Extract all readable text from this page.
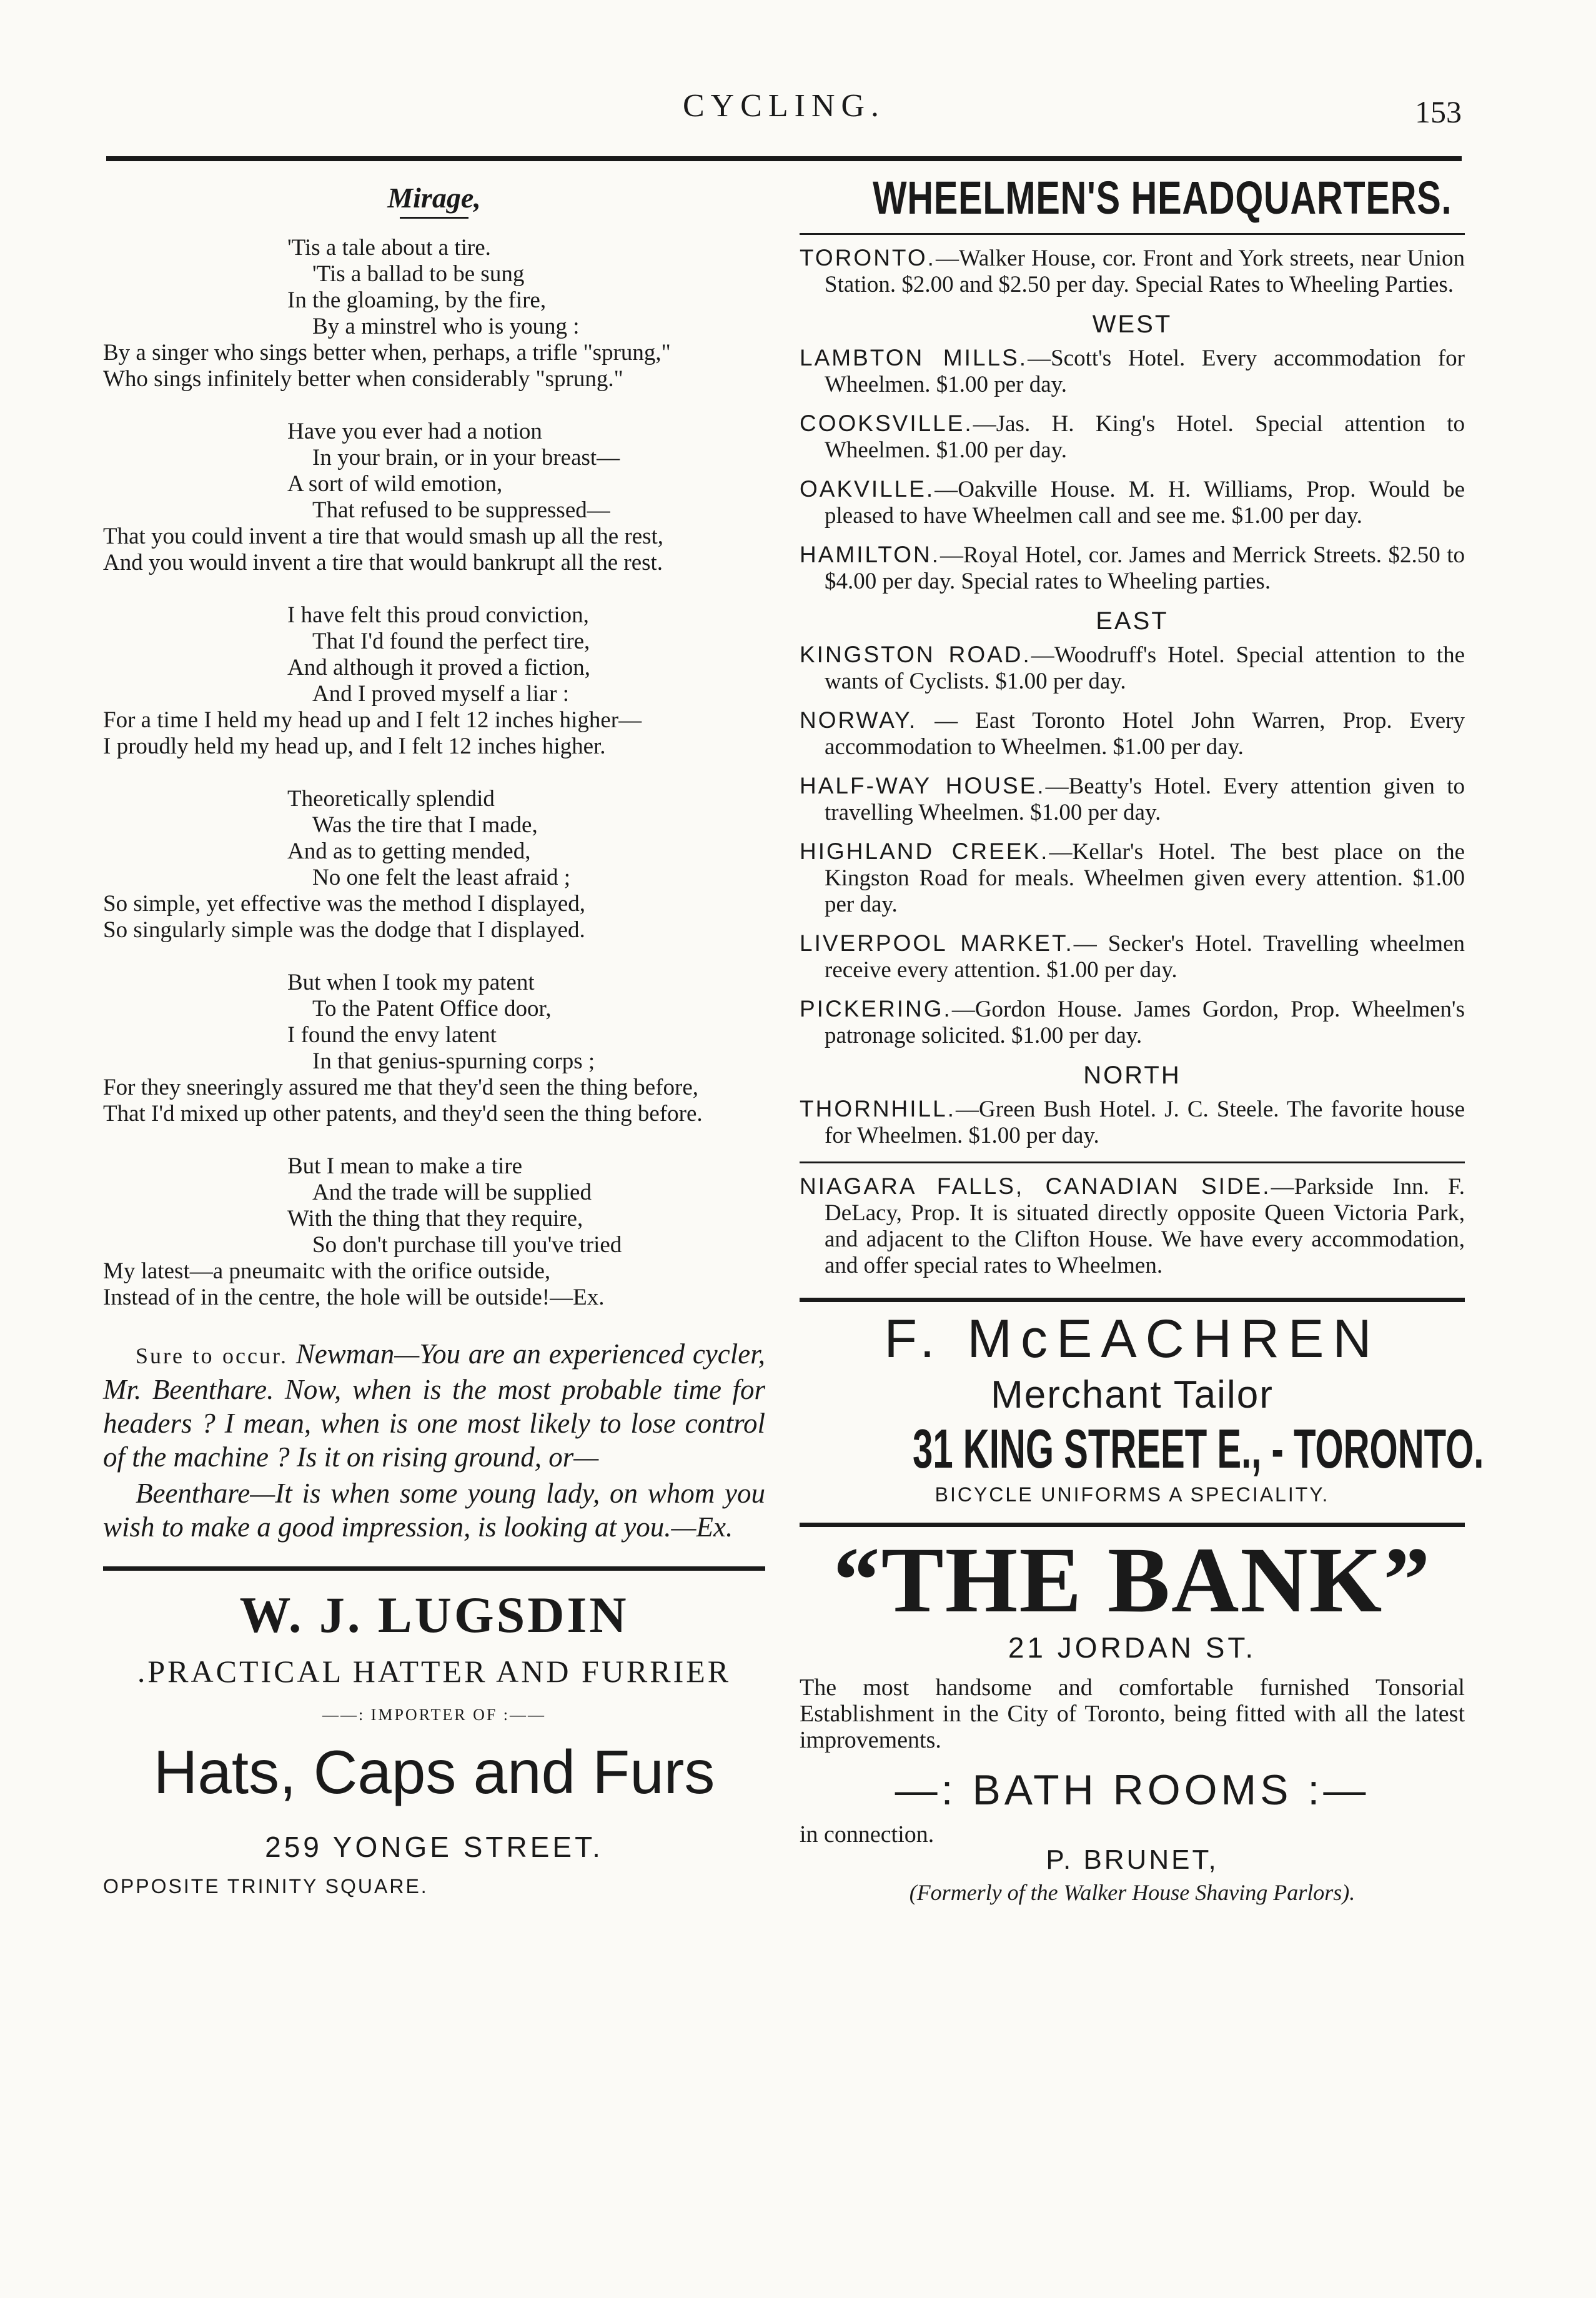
CYCLING.	153
Mirage,
'Tis a tale about a tire.
'Tis a ballad to be sung
In the gloaming, by the fire,
By a minstrel who is young :
By a singer who sings better when, perhaps, a trifle "sprung,"
Who sings infinitely better when considerably "sprung."
Have you ever had a notion
In your brain, or in your breast—
A sort of wild emotion,
That refused to be suppressed—
That you could invent a tire that would smash up all the rest,
And you would invent a tire that would bankrupt all the rest.
I have felt this proud conviction,
That I'd found the perfect tire,
And although it proved a fiction,
And I proved myself a liar :
For a time I held my head up and I felt 12 inches higher—
I proudly held my head up, and I felt 12 inches higher.
Theoretically splendid
Was the tire that I made,
And as to getting mended,
No one felt the least afraid ;
So simple, yet effective was the method I displayed,
So singularly simple was the dodge that I displayed.
But when I took my patent
To the Patent Office door,
I found the envy latent
In that genius-spurning corps ;
For they sneeringly assured me that they'd seen the thing before,
That I'd mixed up other patents, and they'd seen the thing before.
But I mean to make a tire
And the trade will be supplied
With the thing that they require,
So don't purchase till you've tried
My latest—a pneumaitc with the orifice outside,
Instead of in the centre, the hole will be outside!—Ex.
Sure to occur. Newman—You are an experienced cycler, Mr. Beenthare. Now, when is the most probable time for headers ? I mean, when is one most likely to lose control of the machine ? Is it on rising ground, or—
Beenthare—It is when some young lady, on whom you wish to make a good impression, is looking at you.—Ex.
W. J. LUGSDIN
.PRACTICAL HATTER AND FURRIER
——: IMPORTER OF :——
Hats, Caps and Furs
259 YONGE STREET.
OPPOSITE TRINITY SQUARE.
WHEELMEN'S HEADQUARTERS.
TORONTO.—Walker House, cor. Front and York streets, near Union Station. $2.00 and $2.50 per day. Special Rates to Wheeling Parties.
WEST
LAMBTON MILLS.—Scott's Hotel. Every accommodation for Wheelmen. $1.00 per day.
COOKSVILLE.—Jas. H. King's Hotel. Special attention to Wheelmen. $1.00 per day.
OAKVILLE.—Oakville House. M. H. Williams, Prop. Would be pleased to have Wheelmen call and see me. $1.00 per day.
HAMILTON.—Royal Hotel, cor. James and Merrick Streets. $2.50 to $4.00 per day. Special rates to Wheeling parties.
EAST
KINGSTON ROAD.—Woodruff's Hotel. Special attention to the wants of Cyclists. $1.00 per day.
NORWAY. — East Toronto Hotel John Warren, Prop. Every accommodation to Wheelmen. $1.00 per day.
HALF-WAY HOUSE.—Beatty's Hotel. Every attention given to travelling Wheelmen. $1.00 per day.
HIGHLAND CREEK.—Kellar's Hotel. The best place on the Kingston Road for meals. Wheelmen given every attention. $1.00 per day.
LIVERPOOL MARKET.— Secker's Hotel. Travelling wheelmen receive every attention. $1.00 per day.
PICKERING.—Gordon House. James Gordon, Prop. Wheelmen's patronage solicited. $1.00 per day.
NORTH
THORNHILL.—Green Bush Hotel. J. C. Steele. The favorite house for Wheelmen. $1.00 per day.
NIAGARA FALLS, CANADIAN SIDE.—Parkside Inn. F. DeLacy, Prop. It is situated directly opposite Queen Victoria Park, and adjacent to the Clifton House. We have every accommodation, and offer special rates to Wheelmen.
F. McEACHREN
Merchant Tailor
31 KING STREET E., - TORONTO.
BICYCLE UNIFORMS A SPECIALITY.
“THE BANK”
21 JORDAN ST.
The most handsome and comfortable furnished Tonsorial Establishment in the City of Toronto, being fitted with all the latest improvements.
—: BATH ROOMS :—
in connection.
P. BRUNET,
(Formerly of the Walker House Shaving Parlors).
